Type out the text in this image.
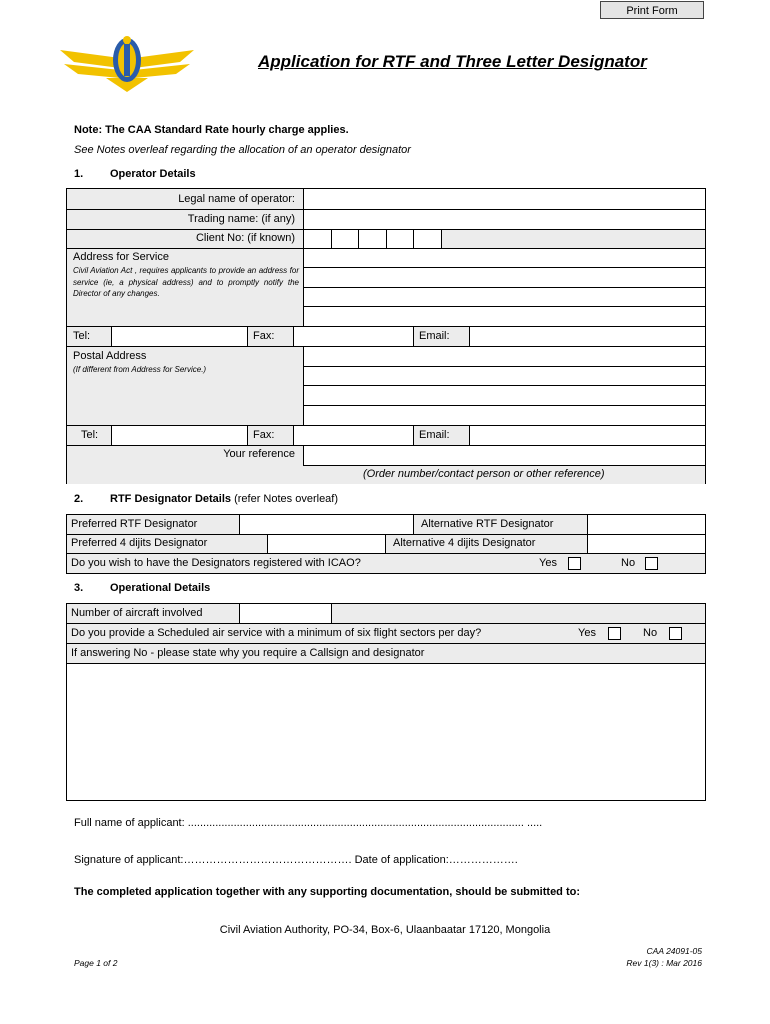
Print Form
Application for RTF and Three Letter Designator
Note: The CAA Standard Rate hourly charge applies.
See Notes overleaf regarding the allocation of an operator designator
1. Operator Details
Legal name of operator:
Trading name: (if any)
Client No: (if known)
Address for Service
Civil Aviation Act , requires applicants to provide an address for service (ie, a physical address) and to promptly notify the Director of any changes.
Tel:	Fax:	Email:
Postal Address
(If different from Address for Service.)
Tel:	Fax:	Email:
Your reference
(Order number/contact person or other reference)
2. RTF Designator Details (refer Notes overleaf)
Preferred RTF Designator	Alternative RTF Designator
Preferred 4 dijits Designator	Alternative 4 dijits Designator
Do you wish to have the Designators registered with ICAO?	Yes	No
3. Operational Details
Number of aircraft involved
Do you provide a Scheduled air service with a minimum of six flight sectors per day?	Yes	No
If answering No - please state why you require a Callsign and designator
Full name of applicant: .............................................................................................................. .....
Signature of applicant:………………………………………. Date of application:……………….
The completed application together with any supporting documentation, should be submitted to:
Civil Aviation Authority, PO-34, Box-6, Ulaanbaatar 17120, Mongolia
Page 1 of 2
CAA 24091-05
Rev 1(3) : Mar 2016
